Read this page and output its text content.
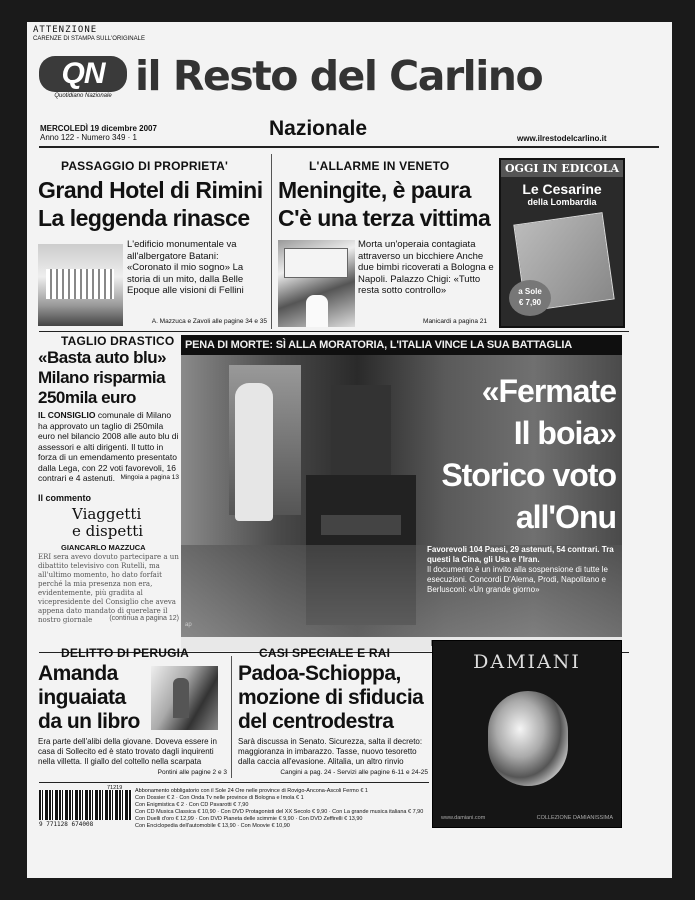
ATTENZIONE
CARENZE DI STAMPA SULL'ORIGINALE
QN
Quotidiano Nazionale il Resto del Carlino
Nazionale
MERCOLEDÌ 19 dicembre 2007
Anno 122 - Numero 349 · 1	www.ilrestodelcarlino.it
PASSAGGIO DI PROPRIETA'
Grand Hotel di Rimini
La leggenda rinasce
L'edificio monumentale va all'albergatore Batani: «Coronato il mio sogno» La storia di un mito, dalla Belle Epoque alle visioni di Fellini
A. Mazzuca e Zavoli alle pagine 34 e 35
L'ALLARME IN VENETO
Meningite, è paura
C'è una terza vittima
Morta un'operaia contagiata attraverso un bicchiere Anche due bimbi ricoverati a Bologna e Napoli. Palazzo Chigi: «Tutto resta sotto controllo»
Manicardi a pagina 21
OGGI IN EDICOLA
Le Cesarine
della Lombardia
a Sole
€ 7,90
TAGLIO DRASTICO
«Basta auto blu»
Milano risparmia
250mila euro
IL CONSIGLIO comunale di Milano ha approvato un taglio di 250mila euro nel bilancio 2008 alle auto blu di assessori e alti dirigenti. Il tutto in forza di un emendamento presentato dalla Lega, con 22 voti favorevoli, 16 contrari e 4 astenuti. Mingoia a pagina 13
Il commento
Viaggetti
e dispetti
GIANCARLO MAZZUCA
ERI sera avevo dovuto partecipare a un dibattito televisivo con Rutelli, ma all'ultimo momento, ho dato forfait perché la mia presenza non era, evidentemente, più gradita al vicepresidente del Consiglio che aveva appena dato mandato di querelare il nostro giornale	(continua a pagina 12)
PENA DI MORTE: SÌ ALLA MORATORIA, L'ITALIA VINCE LA SUA BATTAGLIA
«Fermate
Il boia»
Storico voto
all'Onu
Favorevoli 104 Paesi, 29 astenuti, 54 contrari. Tra questi la Cina, gli Usa e l'Iran.
Il documento è un invito alla sospensione di tutte le esecuzioni. Concordi D'Alema, Prodi, Napolitano e Berlusconi: «Un grande giorno»
ap
DELITTO DI PERUGIA
Amanda
inguaiata
da un libro
Era parte dell'alibi della giovane. Doveva essere in casa di Sollecito ed è stato trovato dagli inquirenti nella villetta. Il giallo del coltello nella scarpata
Pontini alle pagine 2 e 3
CASI SPECIALE E RAI
Padoa-Schioppa,
mozione di sfiducia
del centrodestra
Sarà discussa in Senato. Sicurezza, salta il decreto: maggioranza in imbarazzo. Tasse, nuovo tesoretto dalla caccia all'evasione. Alitalia, un altro rinvio
Cangini a pag. 24 - Servizi alle pagine 6-11 e 24-25
DAMIANI
www.damiani.com	COLLEZIONE DAMIANISSIMA
71219
9 771128 674008
Abbonamento obbligatorio con il Sole 24 Ore nelle province di Rovigo-Ancona-Ascoli Fermo € 1
Con Dossier € 2 · Con Onda Tv nelle province di Bologna e Imola € 1
Con Enigmistica € 2 · Con CD Pavarotti € 7,90
Con CD Musica Classica € 10,90 · Con DVD Protagonisti del XX Secolo € 9,90 · Con La grande musica italiana € 7,90
Con Duelli d'oro € 12,99 · Con DVD Pianeta delle scimmie € 9,90 · Con DVD Zeffirelli € 13,90
Con Enciclopedia dell'automobile € 13,90 · Con Moovie € 10,90
